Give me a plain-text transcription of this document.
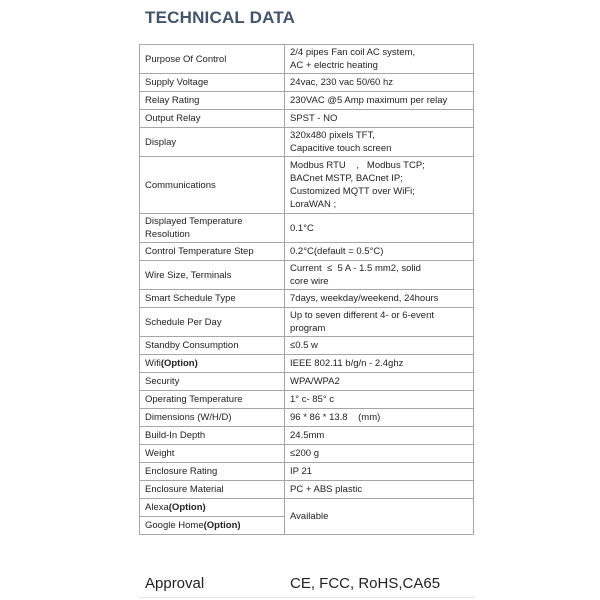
TECHNICAL DATA
Purpose Of Control	2/4 pipes Fan coil AC system,
AC + electric heating

Supply Voltage	24vac, 230 vac 50/60 hz

Relay Rating	230VAC @5 Amp maximum per relay

Output Relay	SPST - NO

Display	320x480 pixels TFT,
Capacitive touch screen

Communications	Modbus RTU    ,   Modbus TCP;
BACnet MSTP, BACnet IP;
Customized MQTT over WiFi;
LoraWAN ;

Displayed Temperature
Resolution	0.1°C

Control Temperature Step	0.2°C(default = 0.5°C)

Wire Size, Terminals	Current  ≤  5 A - 1.5 mm2, solid
core wire

Smart Schedule Type	7days, weekday/weekend, 24hours

Schedule Per Day	Up to seven different 4- or 6-event
program

Standby Consumption	≤0.5 w

Wifi(Option)	IEEE 802.11 b/g/n - 2.4ghz

Security	WPA/WPA2

Operating Temperature	1° c- 85° c

Dimensions (W/H/D)	96 * 86 * 13.8    (mm)

Build-In Depth	24.5mm

Weight	≤200 g

Enclosure Rating	IP 21

Enclosure Material	PC + ABS plastic

Alexa(Option)	Available
Google Home(Option)	
Approval	CE, FCC, RoHS,CA65
